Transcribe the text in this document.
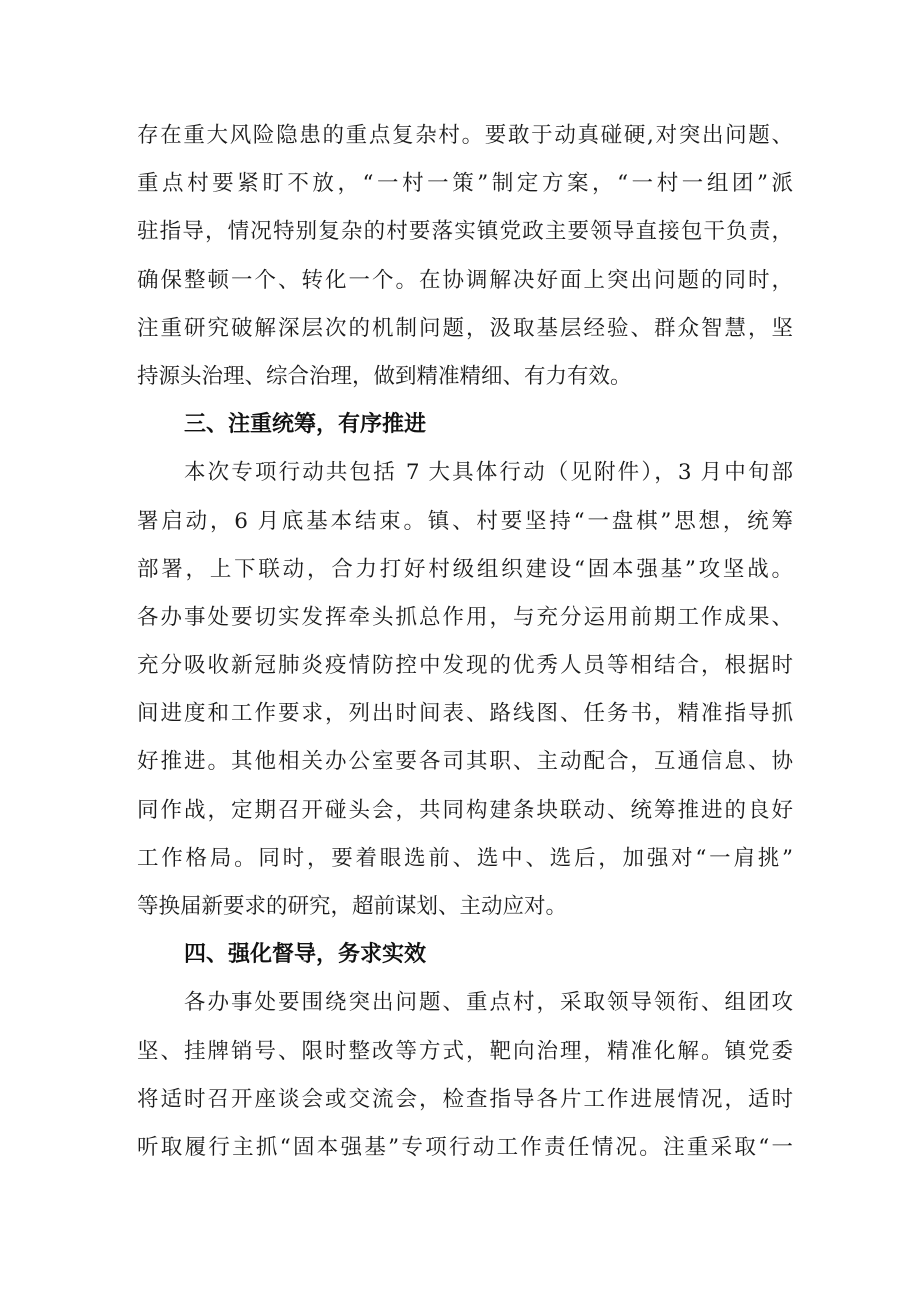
存在重大风险隐患的重点复杂村。要敢于动真碰硬,对突出问题、
重点村要紧盯不放，“一村一策”制定方案，“一村一组团”派
驻指导，情况特别复杂的村要落实镇党政主要领导直接包干负责，
确保整顿一个、转化一个。在协调解决好面上突出问题的同时，
注重研究破解深层次的机制问题，汲取基层经验、群众智慧，坚
持源头治理、综合治理，做到精准精细、有力有效。
三、注重统筹，有序推进
本次专项行动共包括 7 大具体行动（见附件），3 月中旬部
署启动，6 月底基本结束。镇、村要坚持“一盘棋”思想，统筹
部署，上下联动，合力打好村级组织建设“固本强基”攻坚战。
各办事处要切实发挥牵头抓总作用，与充分运用前期工作成果、
充分吸收新冠肺炎疫情防控中发现的优秀人员等相结合，根据时
间进度和工作要求，列出时间表、路线图、任务书，精准指导抓
好推进。其他相关办公室要各司其职、主动配合，互通信息、协
同作战，定期召开碰头会，共同构建条块联动、统筹推进的良好
工作格局。同时，要着眼选前、选中、选后，加强对“一肩挑”
等换届新要求的研究，超前谋划、主动应对。
四、强化督导，务求实效
各办事处要围绕突出问题、重点村，采取领导领衔、组团攻
坚、挂牌销号、限时整改等方式，靶向治理，精准化解。镇党委
将适时召开座谈会或交流会，检查指导各片工作进展情况，适时
听取履行主抓“固本强基”专项行动工作责任情况。注重采取“一
